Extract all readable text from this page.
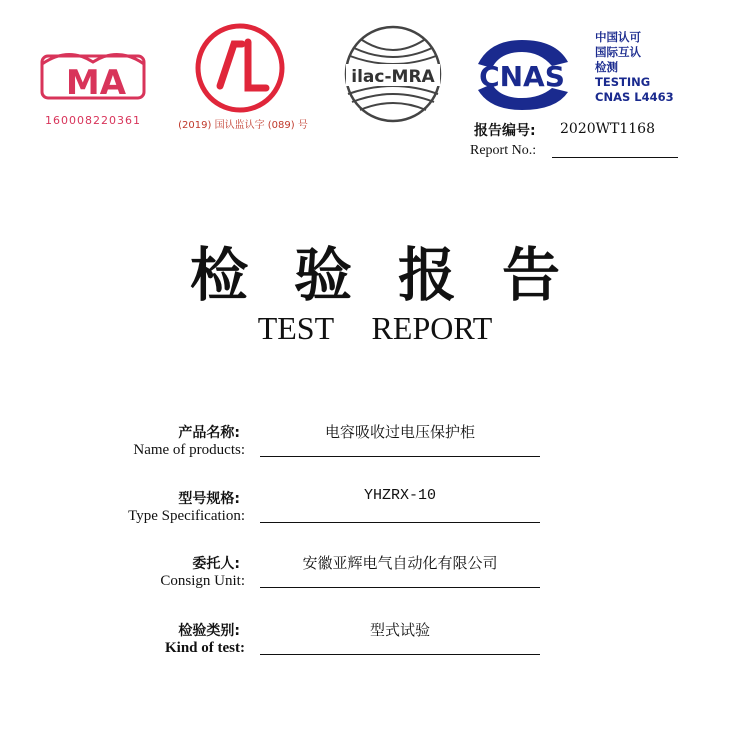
MA
160008220361
AL
(2019) 国认监认字 (089) 号
ilac-MRA CNAS
中国认可
国际互认
检测
TESTING
CNAS L4463
报告编号: 2020WT1168
Report No.:
检验报告
TEST REPORT
产品名称:
Name of products:
电容吸收过电压保护柜
型号规格:
Type Specification:
YHZRX-10
委托人:
Consign Unit:
安徽亚辉电气自动化有限公司
检验类别:
Kind of test:
型式试验
